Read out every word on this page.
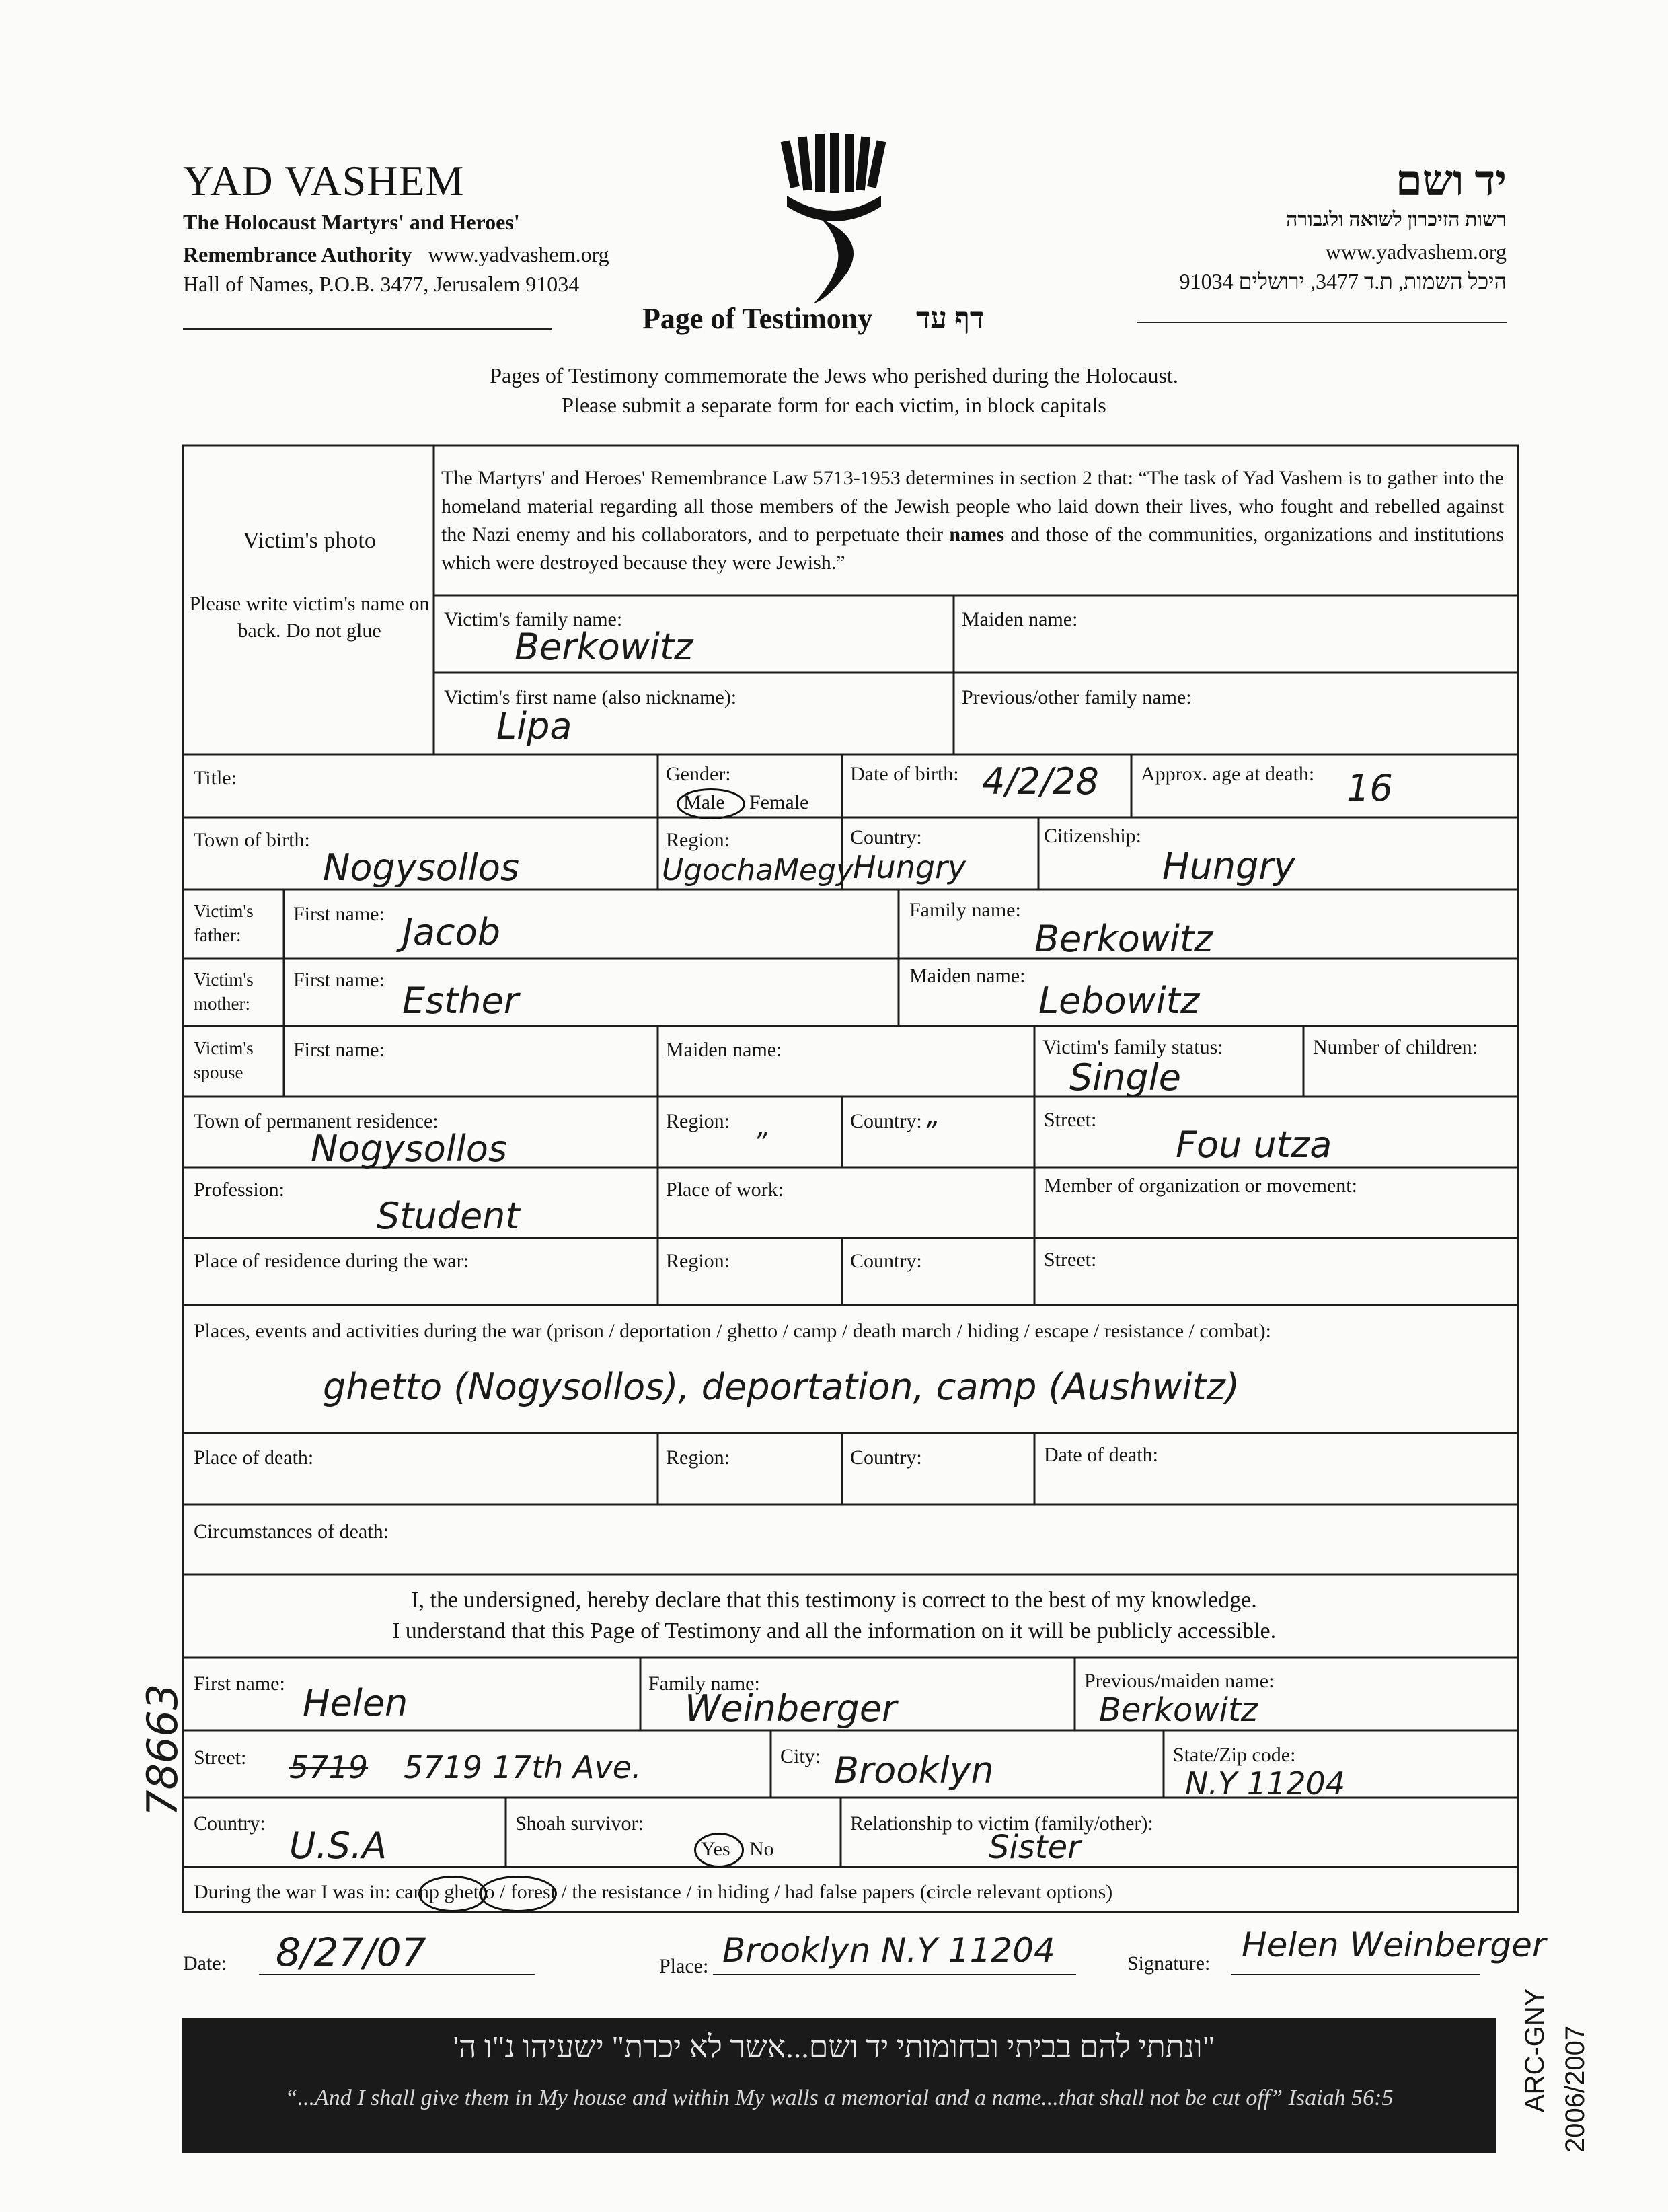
YAD VASHEM
The Holocaust Martyrs' and Heroes'
Remembrance Authority www.yadvashem.org
Hall of Names, P.O.B. 3477, Jerusalem 91034
יד ושם
רשות הזיכרון לשואה ולגבורה
www.yadvashem.org
היכל השמות, ת.ד 3477, ירושלים 91034
Page of Testimony דף עד
Pages of Testimony commemorate the Jews who perished during the Holocaust.
Please submit a separate form for each victim, in block capitals
The Martyrs' and Heroes' Remembrance Law 5713-1953 determines in section 2 that: “The task of Yad Vashem is to gather into the homeland material regarding all those members of the Jewish people who laid down their lives, who fought and rebelled against the Nazi enemy and his collaborators, and to perpetuate their names and those of the communities, organizations and institutions which were destroyed because they were Jewish.”
Victim's photo
Please write victim's name on back. Do not glue
Victim's family name:
Berkowitz
Maiden name:
Victim's first name (also nickname):
Lipa
Previous/other family name:
Title:	Gender:
Male Female
Date of birth: 4/2/28 Approx. age at death: 16
Town of birth:
Nogysollos
Region:
UgochaMegy
Country:
Hungry
Citizenship:
Hungry
Victim's father:
First name: Jacob
Family name:
Berkowitz
Victim's mother:
First name: Esther
Maiden name:
Lebowitz
Victim's spouse
First name:	Maiden name:	Victim's family status:
Single
Number of children:
Town of permanent residence:
Nogysollos
Region:
”
Country: ”	Street:
Fou utza
Profession:
Student
Place of work:	Member of organization or movement:
Place of residence during the war:	Region:	Country:	Street:
Places, events and activities during the war (prison / deportation / ghetto / camp / death march / hiding / escape / resistance / combat):
ghetto (Nogysollos), deportation, camp (Aushwitz)
Place of death:	Region:	Country:	Date of death:
Circumstances of death:
I, the undersigned, hereby declare that this testimony is correct to the best of my knowledge.
I understand that this Page of Testimony and all the information on it will be publicly accessible.
First name: Helen	Family name:
Weinberger
Previous/maiden name:
Berkowitz
Street: 5719 5719 17th Ave.	City: Brooklyn	State/Zip code:
N.Y 11204
Country:
U.S.A
Shoah survivor:
Yes No
Relationship to victim (family/other):
Sister
During the war I was in: camp ghetto / forest / the resistance / in hiding / had false papers (circle relevant options)
Date: 8/27/07	Place: Brooklyn N.Y 11204	Signature: Helen Weinberger
"ונתתי להם בביתי ובחומותי יד ושם...אשר לא יכרת" ישעיהו נ"ו ה'
“...And I shall give them in My house and within My walls a memorial and a name...that shall not be cut off” Isaiah 56:5
78663
ARC-GNY 2006/2007
